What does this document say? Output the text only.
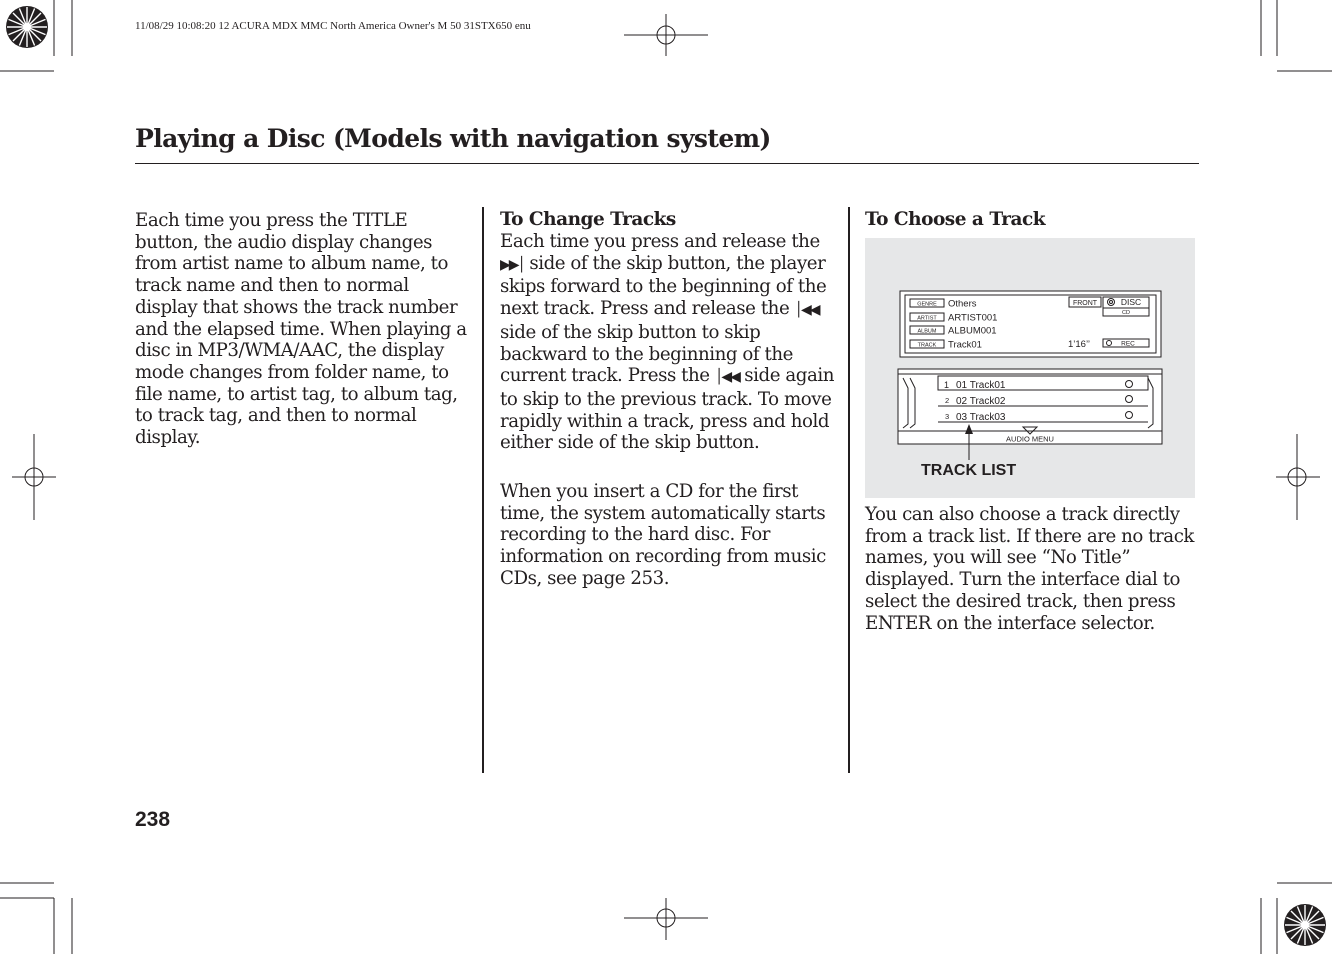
11/08/29 10:08:20 12 ACURA MDX MMC North America Owner's M 50 31STX650 enu
Playing a Disc (Models with navigation system)

Each time you press the TITLE button, the audio display changes from artist name to album name, to track name and then to normal display that shows the track number and the elapsed time. When playing a disc in MP3/WMA/AAC, the display mode changes from folder name, to file name, to artist tag, to album tag, to track tag, and then to normal display.

To Change Tracks

Each time you press and release the ▶▶│ side of the skip button, the player skips forward to the beginning of the next track. Press and release the │◀◀ side of the skip button to skip backward to the beginning of the current track. Press the │◀◀ side again to skip to the previous track. To move rapidly within a track, press and hold either side of the skip button.

When you insert a CD for the first time, the system automatically starts recording to the hard disc. For information on recording from music CDs, see page 253.

To Choose a Track
GENRE
ARTIST
ALBUM
TRACK
Others
ARTIST001
ALBUM001
Track01	1’16’’
FRONT	DISC
CD
REC
1 01 Track01
2 02 Track02
3 03 Track03
AUDIO MENU
TRACK LIST

You can also choose a track directly from a track list. If there are no track names, you will see “No Title” displayed. Turn the interface dial to select the desired track, then press ENTER on the interface selector.

238
